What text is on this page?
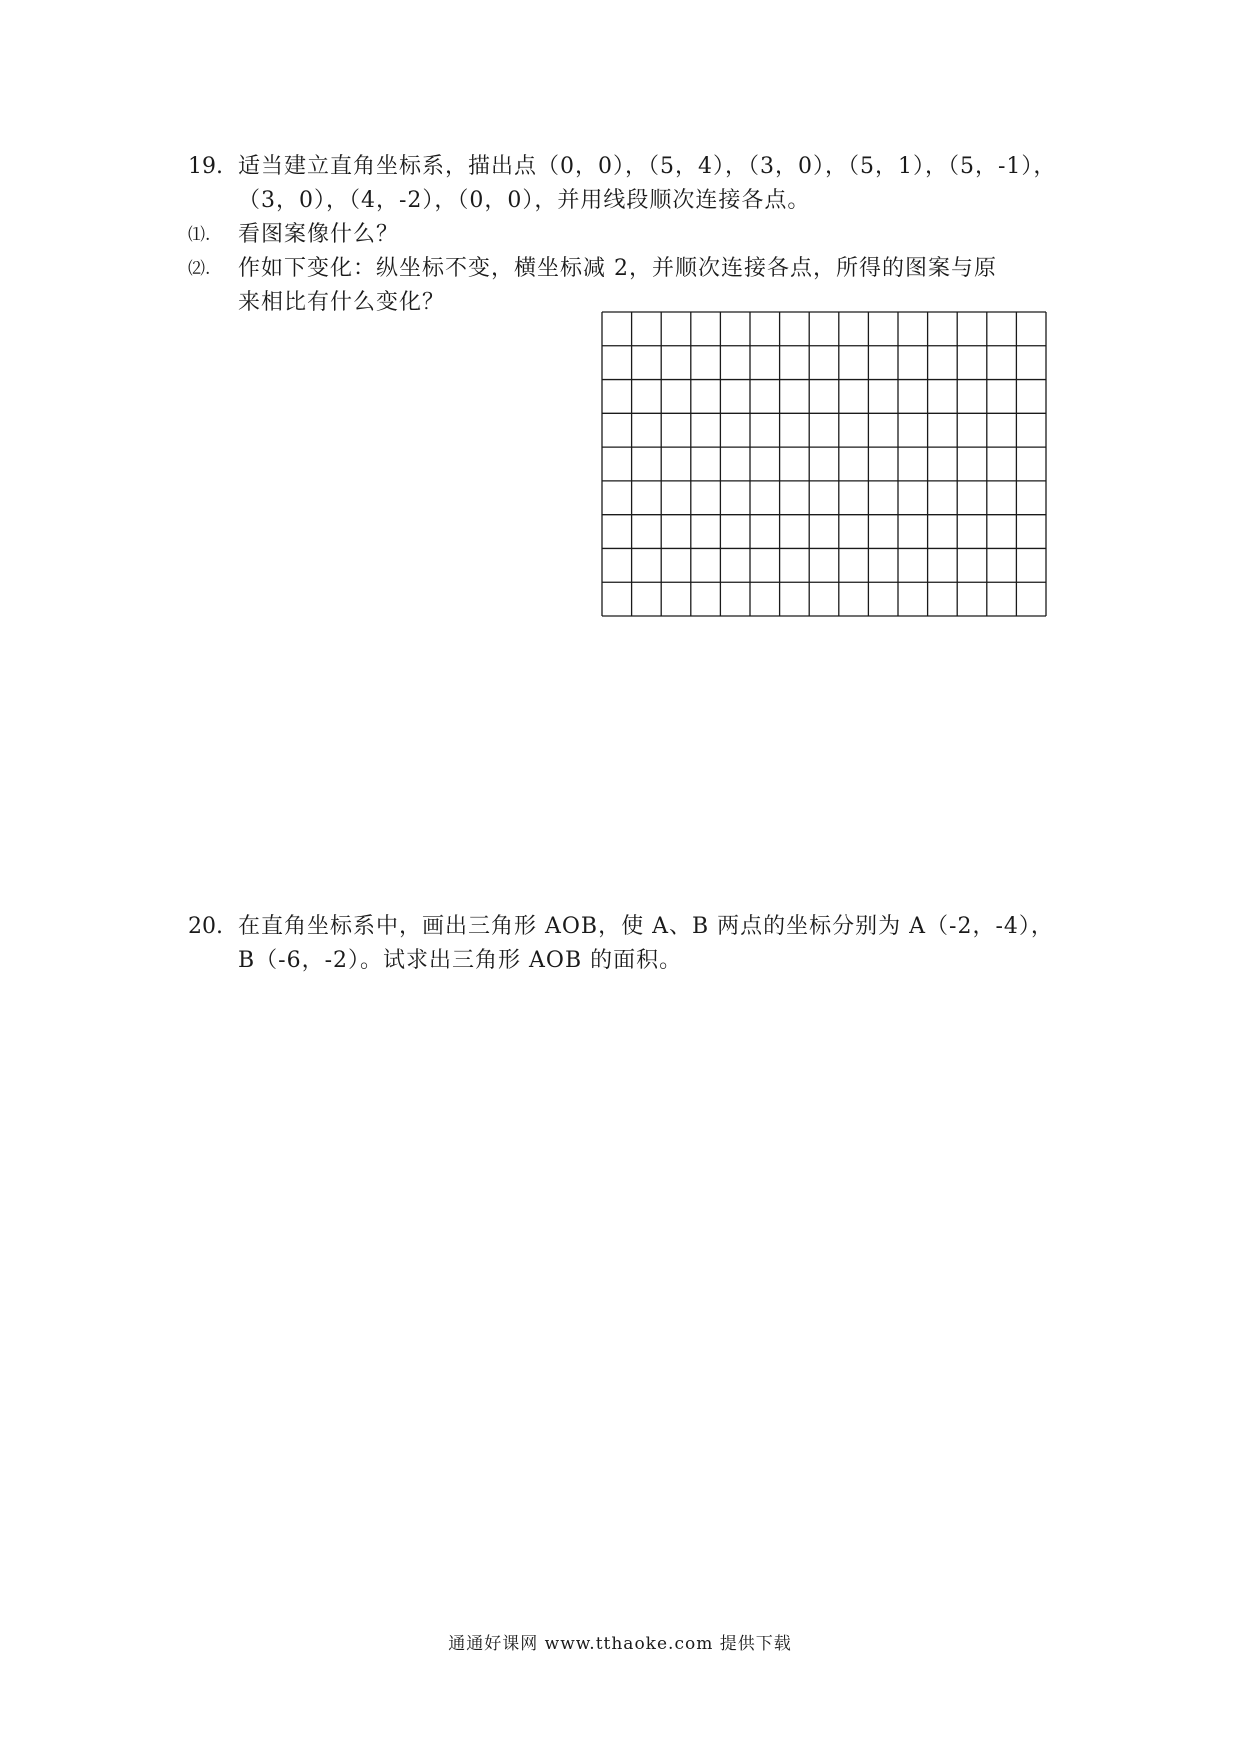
19. 适当建立直角坐标系，描出点（0，0），（5，4），（3，0），（5，1），（5，-1），
（3，0），（4，-2），（0，0），并用线段顺次连接各点。
⑴. 看图案像什么？
⑵. 作如下变化：纵坐标不变，横坐标减 2，并顺次连接各点，所得的图案与原
来相比有什么变化？
20. 在直角坐标系中，画出三角形 AOB，使 A、B 两点的坐标分别为 A（-2，-4），
B（-6，-2）。试求出三角形 AOB 的面积。
通通好课网 www.tthaoke.com 提供下载
